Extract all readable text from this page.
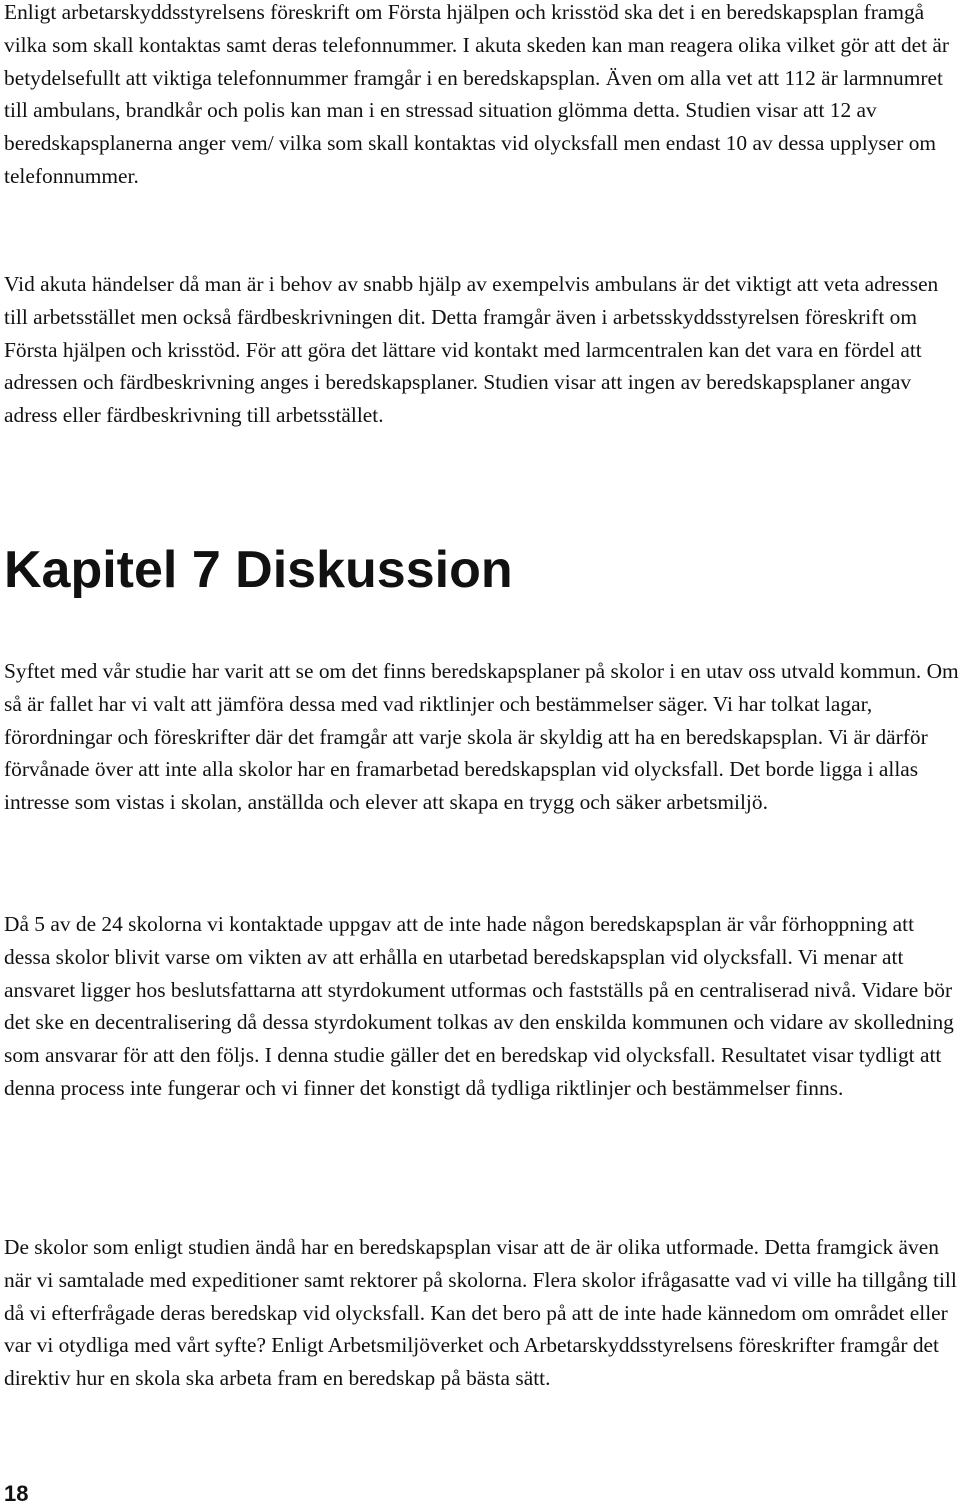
Enligt arbetarskyddsstyrelsens föreskrift om Första hjälpen och krisstöd ska det i en beredskapsplan framgå vilka som skall kontaktas samt deras telefonnummer. I akuta skeden kan man reagera olika vilket gör att det är betydelsefullt att viktiga telefonnummer framgår i en beredskapsplan. Även om alla vet att 112 är larmnumret till ambulans, brandkår och polis kan man i en stressad situation glömma detta. Studien visar att 12 av beredskapsplanerna anger vem/ vilka som skall kontaktas vid olycksfall men endast 10 av dessa upplyser om telefonnummer.

Vid akuta händelser då man är i behov av snabb hjälp av exempelvis ambulans är det viktigt att veta adressen till arbetsstället men också färdbeskrivningen dit. Detta framgår även i arbetsskyddsstyrelsen föreskrift om Första hjälpen och krisstöd. För att göra det lättare vid kontakt med larmcentralen kan det vara en fördel att adressen och färdbeskrivning anges i beredskapsplaner. Studien visar att ingen av beredskapsplaner angav adress eller färdbeskrivning till arbetsstället.

Kapitel 7 Diskussion

Syftet med vår studie har varit att se om det finns beredskapsplaner på skolor i en utav oss utvald kommun. Om så är fallet har vi valt att jämföra dessa med vad riktlinjer och bestämmelser säger. Vi har tolkat lagar, förordningar och föreskrifter där det framgår att varje skola är skyldig att ha en beredskapsplan. Vi är därför förvånade över att inte alla skolor har en framarbetad beredskapsplan vid olycksfall. Det borde ligga i allas intresse som vistas i skolan, anställda och elever att skapa en trygg och säker arbetsmiljö.

Då 5 av de 24 skolorna vi kontaktade uppgav att de inte hade någon beredskapsplan är vår förhoppning att dessa skolor blivit varse om vikten av att erhålla en utarbetad beredskapsplan vid olycksfall. Vi menar att ansvaret ligger hos beslutsfattarna att styrdokument utformas och fastställs på en centraliserad nivå. Vidare bör det ske en decentralisering då dessa styrdokument tolkas av den enskilda kommunen och vidare av skolledning som ansvarar för att den följs. I denna studie gäller det en beredskap vid olycksfall. Resultatet visar tydligt att denna process inte fungerar och vi finner det konstigt då tydliga riktlinjer och bestämmelser finns.

De skolor som enligt studien ändå har en beredskapsplan visar att de är olika utformade. Detta framgick även när vi samtalade med expeditioner samt rektorer på skolorna. Flera skolor ifrågasatte vad vi ville ha tillgång till då vi efterfrågade deras beredskap vid olycksfall. Kan det bero på att de inte hade kännedom om området eller var vi otydliga med vårt syfte? Enligt Arbetsmiljöverket och Arbetarskyddsstyrelsens föreskrifter framgår det direktiv hur en skola ska arbeta fram en beredskap på bästa sätt.

18
